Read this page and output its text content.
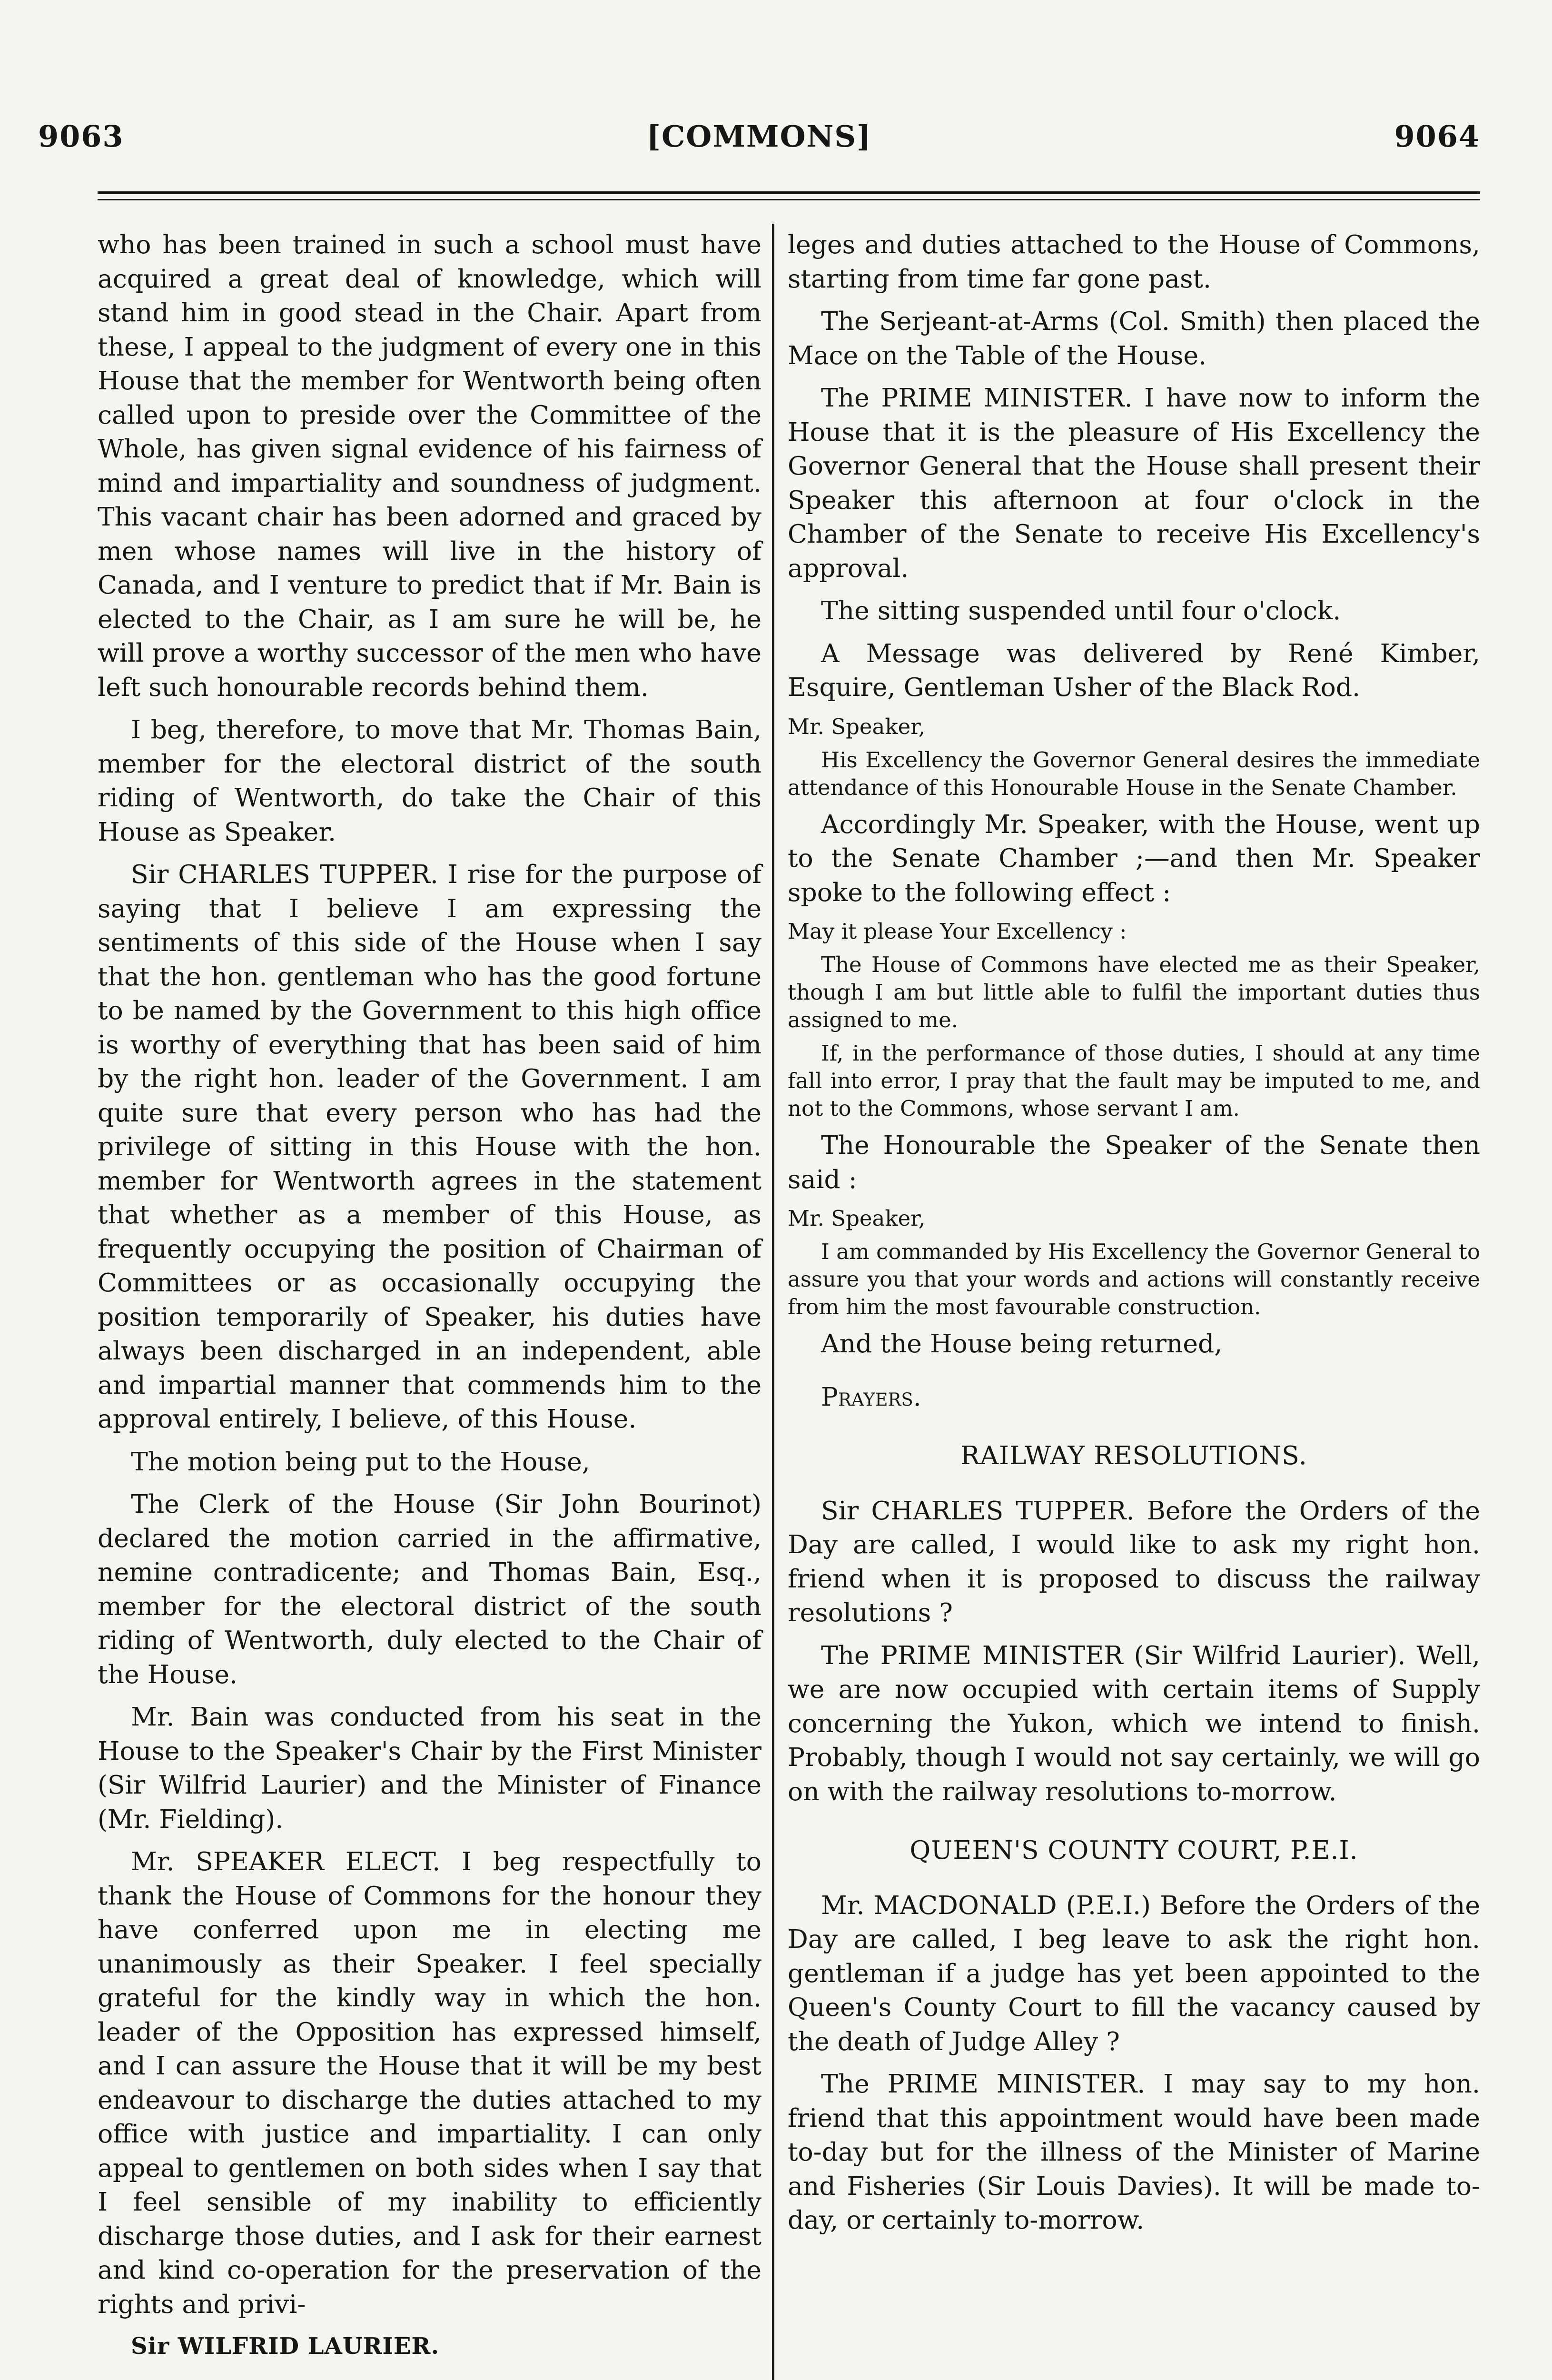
9063	[COMMONS]	9064

who has been trained in such a school must have acquired a great deal of knowledge, which will stand him in good stead in the Chair. Apart from these, I appeal to the judgment of every one in this House that the member for Wentworth being often called upon to preside over the Committee of the Whole, has given signal evidence of his fairness of mind and impartiality and soundness of judgment. This vacant chair has been adorned and graced by men whose names will live in the history of Canada, and I venture to predict that if Mr. Bain is elected to the Chair, as I am sure he will be, he will prove a worthy successor of the men who have left such honourable records behind them.

I beg, therefore, to move that Mr. Thomas Bain, member for the electoral district of the south riding of Wentworth, do take the Chair of this House as Speaker.

Sir CHARLES TUPPER. I rise for the purpose of saying that I believe I am expressing the sentiments of this side of the House when I say that the hon. gentleman who has the good fortune to be named by the Government to this high office is worthy of everything that has been said of him by the right hon. leader of the Government. I am quite sure that every person who has had the privilege of sitting in this House with the hon. member for Wentworth agrees in the statement that whether as a member of this House, as frequently occupying the position of Chairman of Committees or as occasionally occupying the position temporarily of Speaker, his duties have always been discharged in an independent, able and impartial manner that commends him to the approval entirely, I believe, of this House.

The motion being put to the House,

The Clerk of the House (Sir John Bourinot) declared the motion carried in the affirmative, nemine contradicente; and Thomas Bain, Esq., member for the electoral district of the south riding of Wentworth, duly elected to the Chair of the House.

Mr. Bain was conducted from his seat in the House to the Speaker's Chair by the First Minister (Sir Wilfrid Laurier) and the Minister of Finance (Mr. Fielding).

Mr. SPEAKER ELECT. I beg respectfully to thank the House of Commons for the honour they have conferred upon me in electing me unanimously as their Speaker. I feel specially grateful for the kindly way in which the hon. leader of the Opposition has expressed himself, and I can assure the House that it will be my best endeavour to discharge the duties attached to my office with justice and impartiality. I can only appeal to gentlemen on both sides when I say that I feel sensible of my inability to efficiently discharge those duties, and I ask for their earnest and kind co-operation for the preservation of the rights and privi-

Sir WILFRID LAURIER.

leges and duties attached to the House of Commons, starting from time far gone past.

The Serjeant-at-Arms (Col. Smith) then placed the Mace on the Table of the House.

The PRIME MINISTER. I have now to inform the House that it is the pleasure of His Excellency the Governor General that the House shall present their Speaker this afternoon at four o'clock in the Chamber of the Senate to receive His Excellency's approval.

The sitting suspended until four o'clock.

A Message was delivered by René Kimber, Esquire, Gentleman Usher of the Black Rod.

Mr. Speaker,

His Excellency the Governor General desires the immediate attendance of this Honourable House in the Senate Chamber.

Accordingly Mr. Speaker, with the House, went up to the Senate Chamber ;—and then Mr. Speaker spoke to the following effect :

May it please Your Excellency :

The House of Commons have elected me as their Speaker, though I am but little able to fulfil the important duties thus assigned to me.

If, in the performance of those duties, I should at any time fall into error, I pray that the fault may be imputed to me, and not to the Commons, whose servant I am.

The Honourable the Speaker of the Senate then said :

Mr. Speaker,

I am commanded by His Excellency the Governor General to assure you that your words and actions will constantly receive from him the most favourable construction.

And the House being returned,

Prayers.

RAILWAY RESOLUTIONS.

Sir CHARLES TUPPER. Before the Orders of the Day are called, I would like to ask my right hon. friend when it is proposed to discuss the railway resolutions ?

The PRIME MINISTER (Sir Wilfrid Laurier). Well, we are now occupied with certain items of Supply concerning the Yukon, which we intend to finish. Probably, though I would not say certainly, we will go on with the railway resolutions to-morrow.

QUEEN'S COUNTY COURT, P.E.I.

Mr. MACDONALD (P.E.I.) Before the Orders of the Day are called, I beg leave to ask the right hon. gentleman if a judge has yet been appointed to the Queen's County Court to fill the vacancy caused by the death of Judge Alley ?

The PRIME MINISTER. I may say to my hon. friend that this appointment would have been made to-day but for the illness of the Minister of Marine and Fisheries (Sir Louis Davies). It will be made to-day, or certainly to-morrow.
